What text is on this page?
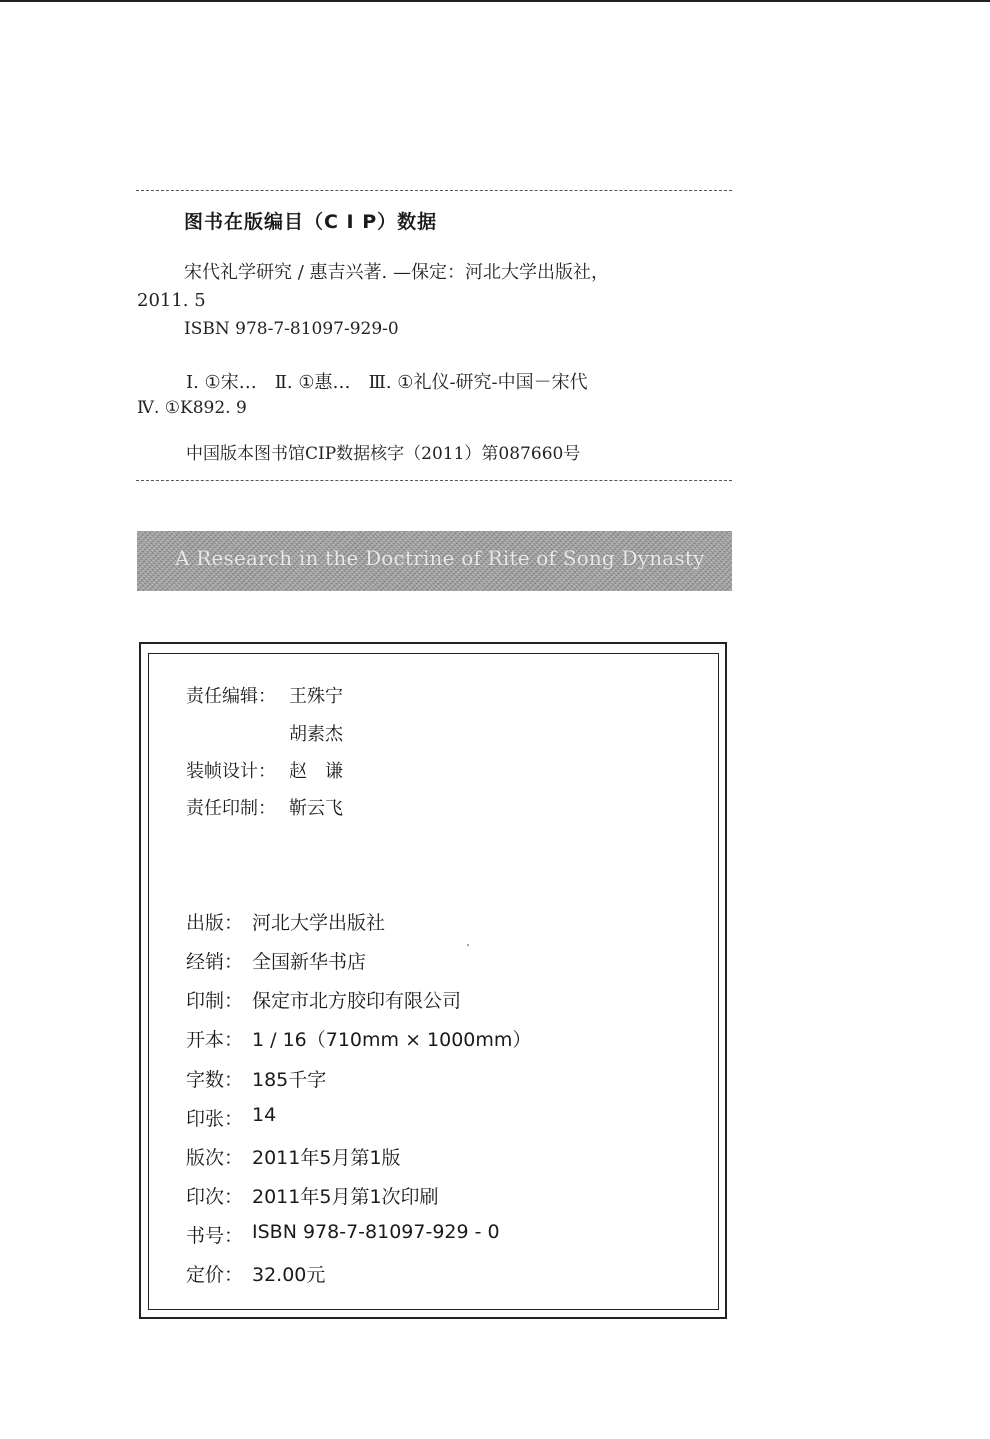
图书在版编目（C I P）数据
宋代礼学研究 / 惠吉兴著. —保定：河北大学出版社，
2011. 5
ISBN 978-7-81097-929-0
Ⅰ. ①宋…　Ⅱ. ①惠…　Ⅲ. ①礼仪-研究-中国－宋代
Ⅳ. ①K892. 9
中国版本图书馆CIP数据核字（2011）第087660号
A Research in the Doctrine of Rite of Song Dynasty
责任编辑： 王殊宁
胡素杰
装帧设计： 赵　谦
责任印制： 靳云飞
出版： 河北大学出版社
经销： 全国新华书店
印制： 保定市北方胶印有限公司
开本： 1 / 16（710mm × 1000mm）
字数： 185千字
印张： 14
版次： 2011年5月第1版
印次： 2011年5月第1次印刷
书号： ISBN 978-7-81097-929 - 0
定价： 32.00元
